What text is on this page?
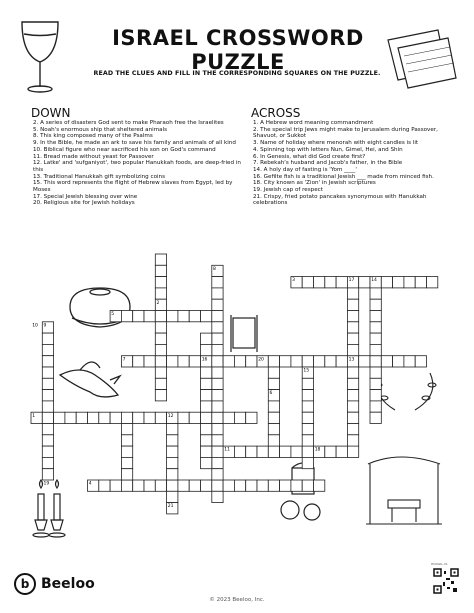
ISRAEL CROSSWORD PUZZLE
READ THE CLUES AND FILL IN THE CORRESPONDING SQUARES ON THE PUZZLE.
DOWN
2. A series of disasters God sent to make Pharaoh free the Israelites
5. Noah's enormous ship that sheltered animals
8. This king composed many of the Psalms
9. In the Bible, he made an ark to save his family and animals of all kind
10. Biblical figure who near sacrificed his son on God's command
11. Bread made without yeast for Passover
12. Latke' and 'sufganiyot', two popular Hanukkah foods, are deep-fried in this
13. Traditional Hanukkah gift symbolizing coins
15. This word represents the flight of Hebrew slaves from Egypt, led by Moses
17. Special Jewish blessing over wine
20. Religious site for Jewish holidays
ACROSS
1. A Hebrew word meaning commandment
2. The special trip Jews might make to Jerusalem during Passover, Shavuot, or Sukkot
3. Name of holiday where menorah with eight candles is lit
4. Spinning top with letters Nun, Gimel, Hei, and Shin
6. In Genesis, what did God create first?
7. Rebekah's husband and Jacob's father, in the Bible
14. A holy day of fasting is 'Yom ____'
16. Gefilte fish is a traditional Jewish ___ made from minced fish.
18. City known as 'Zion' in Jewish scriptures
19. Jewish cap of respect
21. Crispy, fried potato pancakes synonymous with Hanukkah celebrations
1
2
3
4
5
6
7
8
9
10
11
12
13
14
15
16
17
18
19
20
21
b Beeloo
© 2023 Beeloo, Inc.
HOOGIL.YA
